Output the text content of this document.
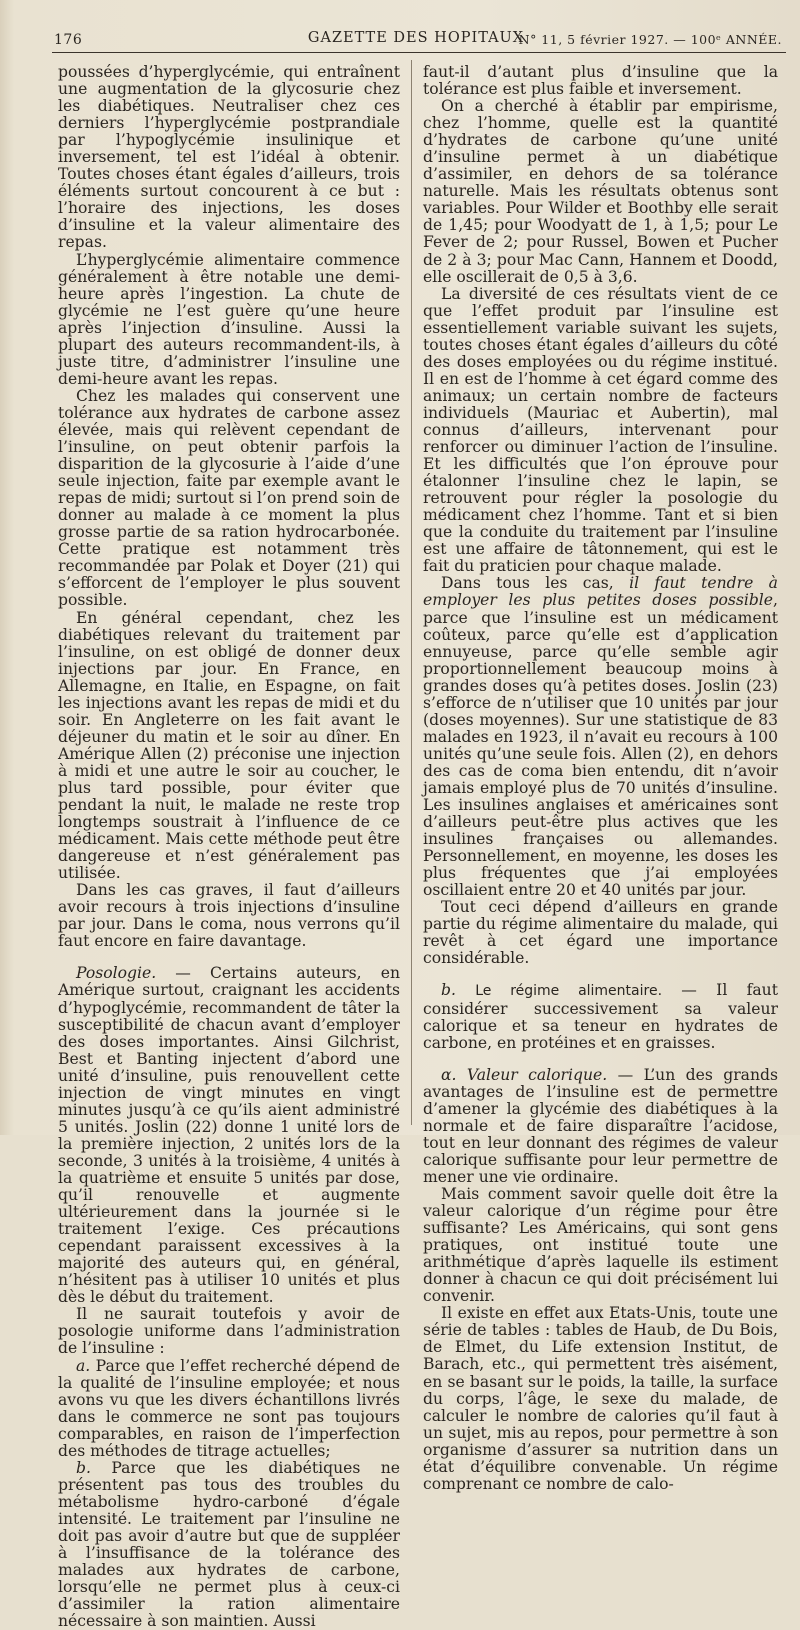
176	GAZETTE DES HOPITAUX
N° 11, 5 février 1927. — 100ᵉ ANNÉE.

poussées d’hyperglycémie, qui entraînent une augmentation de la glycosurie chez les diabétiques. Neutraliser chez ces derniers l’hyperglycémie postprandiale par l’hypoglycémie insulinique et inversement, tel est l’idéal à obtenir. Toutes choses étant égales d’ailleurs, trois éléments surtout concourent à ce but : l’horaire des injections, les doses d’insuline et la valeur alimentaire des repas.

L’hyperglycémie alimentaire commence généralement à être notable une demi-heure après l’ingestion. La chute de glycémie ne l’est guère qu’une heure après l’injection d’insuline. Aussi la plupart des auteurs recommandent-ils, à juste titre, d’administrer l’insuline une demi-heure avant les repas.

Chez les malades qui conservent une tolérance aux hydrates de carbone assez élevée, mais qui relèvent cependant de l’insuline, on peut obtenir parfois la disparition de la glycosurie à l’aide d’une seule injection, faite par exemple avant le repas de midi; surtout si l’on prend soin de donner au malade à ce moment la plus grosse partie de sa ration hydrocarbonée. Cette pratique est notamment très recommandée par Polak et Doyer (21) qui s’efforcent de l’employer le plus souvent possible.

En général cependant, chez les diabétiques relevant du traitement par l’insuline, on est obligé de donner deux injections par jour. En France, en Allemagne, en Italie, en Espagne, on fait les injections avant les repas de midi et du soir. En Angleterre on les fait avant le déjeuner du matin et le soir au dîner. En Amérique Allen (2) préconise une injection à midi et une autre le soir au coucher, le plus tard possible, pour éviter que pendant la nuit, le malade ne reste trop longtemps soustrait à l’influence de ce médicament. Mais cette méthode peut être dangereuse et n’est généralement pas utilisée.

Dans les cas graves, il faut d’ailleurs avoir recours à trois injections d’insuline par jour. Dans le coma, nous verrons qu’il faut encore en faire davantage.

Posologie. — Certains auteurs, en Amérique surtout, craignant les accidents d’hypoglycémie, recommandent de tâter la susceptibilité de chacun avant d’employer des doses importantes. Ainsi Gilchrist, Best et Banting injectent d’abord une unité d’insuline, puis renouvellent cette injection de vingt minutes en vingt minutes jusqu’à ce qu’ils aient administré 5 unités. Joslin (22) donne 1 unité lors de la première injection, 2 unités lors de la seconde, 3 unités à la troisième, 4 unités à la quatrième et ensuite 5 unités par dose, qu’il renouvelle et augmente ultérieurement dans la journée si le traitement l’exige. Ces précautions cependant paraissent excessives à la majorité des auteurs qui, en général, n’hésitent pas à utiliser 10 unités et plus dès le début du traitement.

Il ne saurait toutefois y avoir de posologie uniforme dans l’administration de l’insuline :

a. Parce que l’effet recherché dépend de la qualité de l’insuline employée; et nous avons vu que les divers échantillons livrés dans le commerce ne sont pas toujours comparables, en raison de l’imperfection des méthodes de titrage actuelles;

b. Parce que les diabétiques ne présentent pas tous des troubles du métabolisme hydro-carboné d’égale intensité. Le traitement par l’insuline ne doit pas avoir d’autre but que de suppléer à l’insuffisance de la tolérance des malades aux hydrates de carbone, lorsqu’elle ne permet plus à ceux-ci d’assimiler la ration alimentaire nécessaire à son maintien. Aussi

faut-il d’autant plus d’insuline que la tolérance est plus faible et inversement.

On a cherché à établir par empirisme, chez l’homme, quelle est la quantité d’hydrates de carbone qu’une unité d’insuline permet à un diabétique d’assimiler, en dehors de sa tolérance naturelle. Mais les résultats obtenus sont variables. Pour Wilder et Boothby elle serait de 1,45; pour Woodyatt de 1, à 1,5; pour Le Fever de 2; pour Russel, Bowen et Pucher de 2 à 3; pour Mac Cann, Hannem et Doodd, elle oscillerait de 0,5 à 3,6.

La diversité de ces résultats vient de ce que l’effet produit par l’insuline est essentiellement variable suivant les sujets, toutes choses étant égales d’ailleurs du côté des doses employées ou du régime institué. Il en est de l’homme à cet égard comme des animaux; un certain nombre de facteurs individuels (Mauriac et Aubertin), mal connus d’ailleurs, intervenant pour renforcer ou diminuer l’action de l’insuline. Et les difficultés que l’on éprouve pour étalonner l’insuline chez le lapin, se retrouvent pour régler la posologie du médicament chez l’homme. Tant et si bien que la conduite du traitement par l’insuline est une affaire de tâtonnement, qui est le fait du praticien pour chaque malade.

Dans tous les cas, il faut tendre à employer les plus petites doses possible, parce que l’insuline est un médicament coûteux, parce qu’elle est d’application ennuyeuse, parce qu’elle semble agir proportionnellement beaucoup moins à grandes doses qu’à petites doses. Joslin (23) s’efforce de n’utiliser que 10 unités par jour (doses moyennes). Sur une statistique de 83 malades en 1923, il n’avait eu recours à 100 unités qu’une seule fois. Allen (2), en dehors des cas de coma bien entendu, dit n’avoir jamais employé plus de 70 unités d’insuline. Les insulines anglaises et américaines sont d’ailleurs peut-être plus actives que les insulines françaises ou allemandes. Personnellement, en moyenne, les doses les plus fréquentes que j’ai employées oscillaient entre 20 et 40 unités par jour.

Tout ceci dépend d’ailleurs en grande partie du régime alimentaire du malade, qui revêt à cet égard une importance considérable.

b. Le régime alimentaire. — Il faut considérer successivement sa valeur calorique et sa teneur en hydrates de carbone, en protéines et en graisses.

α. Valeur calorique. — L’un des grands avantages de l’insuline est de permettre d’amener la glycémie des diabétiques à la normale et de faire disparaître l’acidose, tout en leur donnant des régimes de valeur calorique suffisante pour leur permettre de mener une vie ordinaire.

Mais comment savoir quelle doit être la valeur calorique d’un régime pour être suffisante? Les Américains, qui sont gens pratiques, ont institué toute une arithmétique d’après laquelle ils estiment donner à chacun ce qui doit précisément lui convenir.

Il existe en effet aux Etats-Unis, toute une série de tables : tables de Haub, de Du Bois, de Elmet, du Life extension Institut, de Barach, etc., qui permettent très aisément, en se basant sur le poids, la taille, la surface du corps, l’âge, le sexe du malade, de calculer le nombre de calories qu’il faut à un sujet, mis au repos, pour permettre à son organisme d’assurer sa nutrition dans un état d’équilibre convenable. Un régime comprenant ce nombre de calo-
